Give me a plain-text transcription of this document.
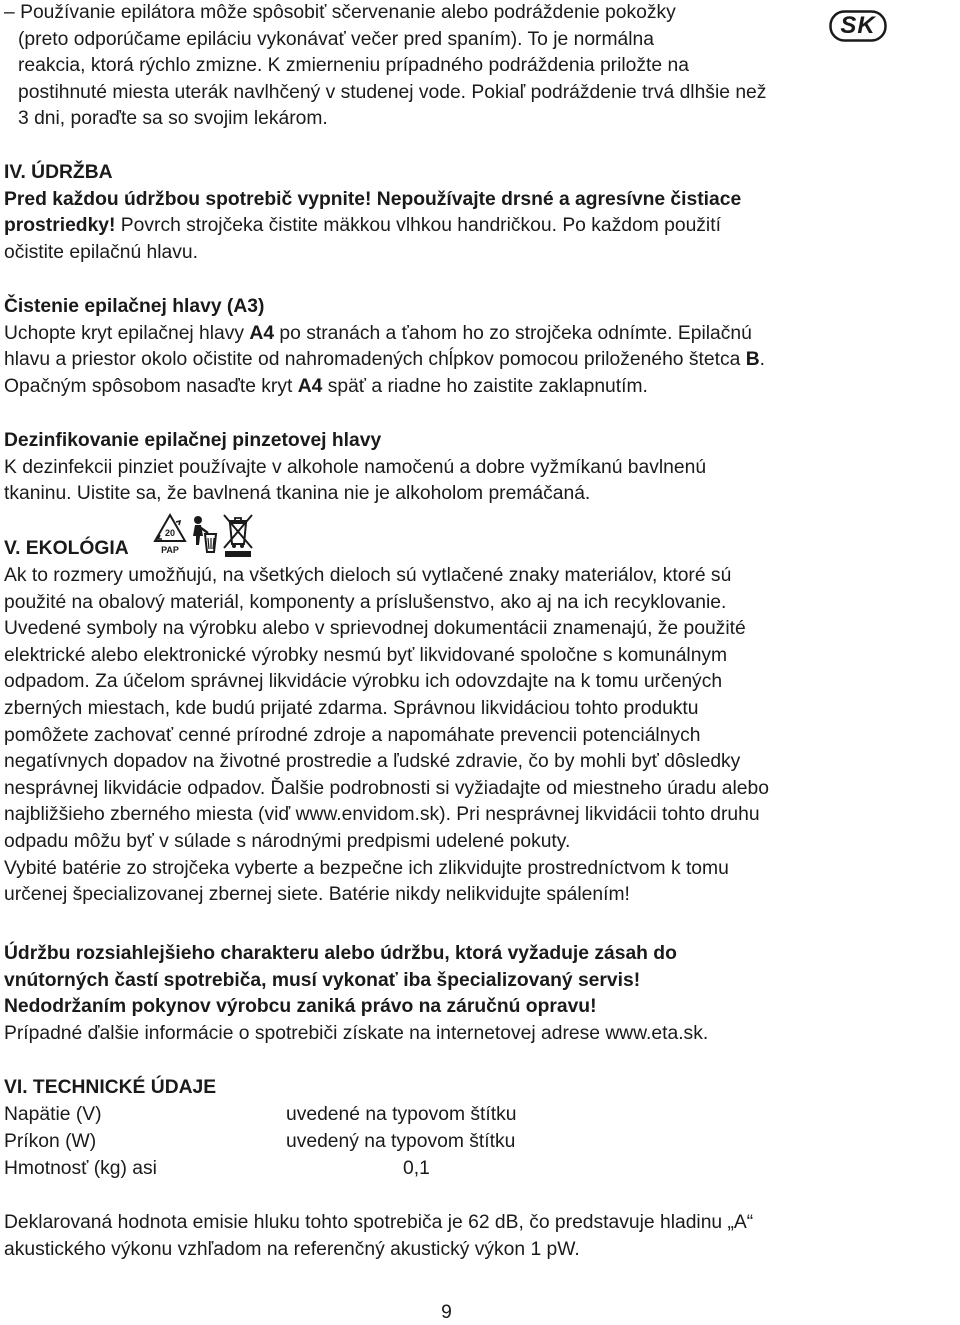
SK
– Používanie epilátora môže spôsobiť sčervenanie alebo podráždenie pokožky
(preto odporúčame epiláciu vykonávať večer pred spaním). To je normálna
reakcia, ktorá rýchlo zmizne. K zmierneniu prípadného podráždenia priložte na
postihnuté miesta uterák navlhčený v studenej vode. Pokiaľ podráždenie trvá dlhšie než
3 dni, poraďte sa so svojim lekárom.
IV. ÚDRŽBA
Pred každou údržbou spotrebič vypnite! Nepoužívajte drsné a agresívne čistiace
prostriedky! Povrch strojčeka čistite mäkkou vlhkou handričkou. Po každom použití
očistite epilačnú hlavu.
Čistenie epilačnej hlavy (A3)
Uchopte kryt epilačnej hlavy A4 po stranách a ťahom ho zo strojčeka odnímte. Epilačnú
hlavu a priestor okolo očistite od nahromadených chĺpkov pomocou priloženého štetca B.
Opačným spôsobom nasaďte kryt A4 späť a riadne ho zaistite zaklapnutím.
Dezinfikovanie epilačnej pinzetovej hlavy
K dezinfekcii pinziet používajte v alkohole namočenú a dobre vyžmíkanú bavlnenú
tkaninu. Uistite sa, že bavlnená tkanina nie je alkoholom premáčaná.
V. EKOLÓGIA
20
PAP
Ak to rozmery umožňujú, na všetkých dieloch sú vytlačené znaky materiálov, ktoré sú
použité na obalový materiál, komponenty a príslušenstvo, ako aj na ich recyklovanie.
Uvedené symboly na výrobku alebo v sprievodnej dokumentácii znamenajú, že použité
elektrické alebo elektronické výrobky nesmú byť likvidované spoločne s komunálnym
odpadom. Za účelom správnej likvidácie výrobku ich odovzdajte na k tomu určených
zberných miestach, kde budú prijaté zdarma. Správnou likvidáciou tohto produktu
pomôžete zachovať cenné prírodné zdroje a napomáhate prevencii potenciálnych
negatívnych dopadov na životné prostredie a ľudské zdravie, čo by mohli byť dôsledky
nesprávnej likvidácie odpadov. Ďalšie podrobnosti si vyžiadajte od miestneho úradu alebo
najbližšieho zberného miesta (viď www.envidom.sk). Pri nesprávnej likvidácii tohto druhu
odpadu môžu byť v súlade s národnými predpismi udelené pokuty.
Vybité batérie zo strojčeka vyberte a bezpečne ich zlikvidujte prostredníctvom k tomu
určenej špecializovanej zbernej siete. Batérie nikdy nelikvidujte spálením!
Údržbu rozsiahlejšieho charakteru alebo údržbu, ktorá vyžaduje zásah do
vnútorných častí spotrebiča, musí vykonať iba špecializovaný servis!
Nedodržaním pokynov výrobcu zaniká právo na záručnú opravu!
Prípadné ďalšie informácie o spotrebiči získate na internetovej adrese www.eta.sk.
VI. TECHNICKÉ ÚDAJE
Napätie (V)	uvedené na typovom štítku
Príkon (W)	uvedený na typovom štítku
Hmotnosť (kg) asi	0,1
Deklarovaná hodnota emisie hluku tohto spotrebiča je 62 dB, čo predstavuje hladinu „A“
akustického výkonu vzhľadom na referenčný akustický výkon 1 pW.
9
